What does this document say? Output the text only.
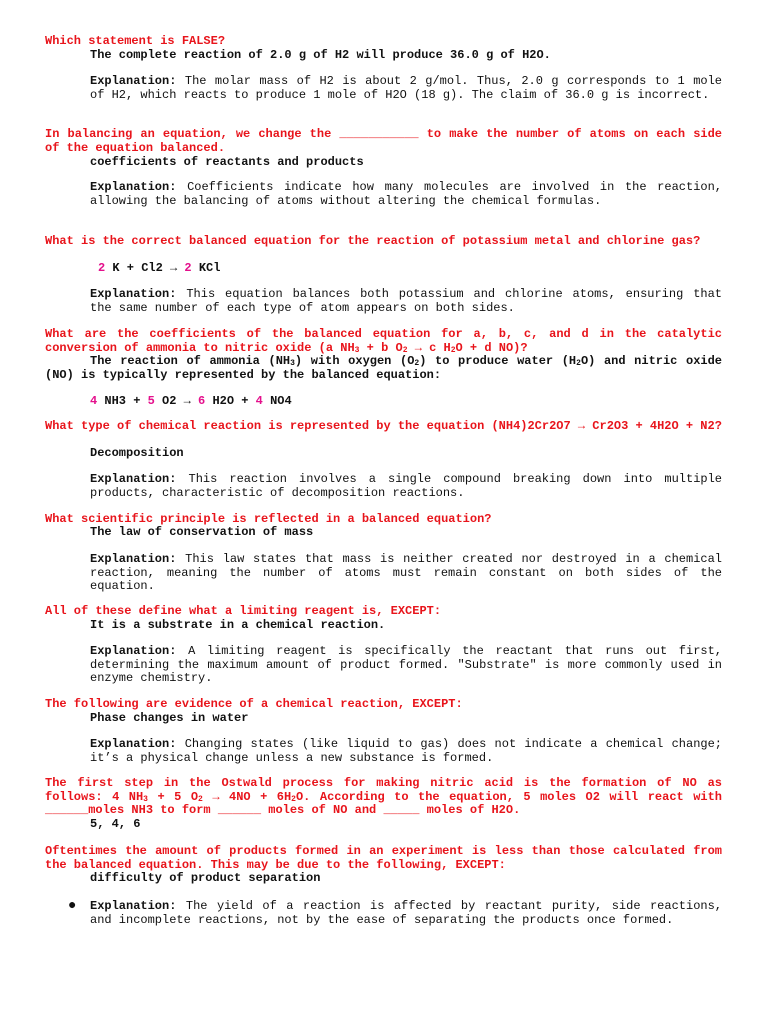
Which statement is FALSE?
The complete reaction of 2.0 g of H2 will produce 36.0 g of H2O.
Explanation: The molar mass of H2 is about 2 g/mol. Thus, 2.0 g corresponds to 1 mole of H2, which reacts to produce 1 mole of H2O (18 g). The claim of 36.0 g is incorrect.
In balancing an equation, we change the ___________ to make the number of atoms on each side of the equation balanced.
coefficients of reactants and products
Explanation: Coefficients indicate how many molecules are involved in the reaction, allowing the balancing of atoms without altering the chemical formulas.
What is the correct balanced equation for the reaction of potassium metal and chlorine gas?
2 K + Cl2 → 2 KCl
Explanation: This equation balances both potassium and chlorine atoms, ensuring that the same number of each type of atom appears on both sides.
What are the coefficients of the balanced equation for a, b, c, and d in the catalytic conversion of ammonia to nitric oxide (a $NH_3 + b$ $O_2 \to c$ $H_2O + d$ NO)?
The reaction of ammonia $(NH_3)$ with oxygen $(O_2)$ to produce water $(H_2O)$ and nitric oxide (NO) is typically represented by the balanced equation:
4 NH3 + 5 O2 → 6 H2O + 4 NO4
What type of chemical reaction is represented by the equation (NH4)2Cr2O7 → Cr2O3 + 4H2O + N2?
Decomposition
Explanation: This reaction involves a single compound breaking down into multiple products, characteristic of decomposition reactions.
What scientific principle is reflected in a balanced equation?
The law of conservation of mass
Explanation: This law states that mass is neither created nor destroyed in a chemical reaction, meaning the number of atoms must remain constant on both sides of the equation.
All of these define what a limiting reagent is, EXCEPT:
It is a substrate in a chemical reaction.
Explanation: A limiting reagent is specifically the reactant that runs out first, determining the maximum amount of product formed. "Substrate" is more commonly used in enzyme chemistry.
The following are evidence of a chemical reaction, EXCEPT:
Phase changes in water
Explanation: Changing states (like liquid to gas) does not indicate a chemical change; it’s a physical change unless a new substance is formed.
The first step in the Ostwald process for making nitric acid is the formation of NO as follows: 4 $NH_3 + 5$ $O_2 \to 4NO + 6H_2O$. According to the equation, 5 moles O2 will react with ______moles NH3 to form ______ moles of NO and _____ moles of H2O.
5, 4, 6
Oftentimes the amount of products formed in an experiment is less than those calculated from the balanced equation. This may be due to the following, EXCEPT:
difficulty of product separation
● Explanation: The yield of a reaction is affected by reactant purity, side reactions, and incomplete reactions, not by the ease of separating the products once formed.
